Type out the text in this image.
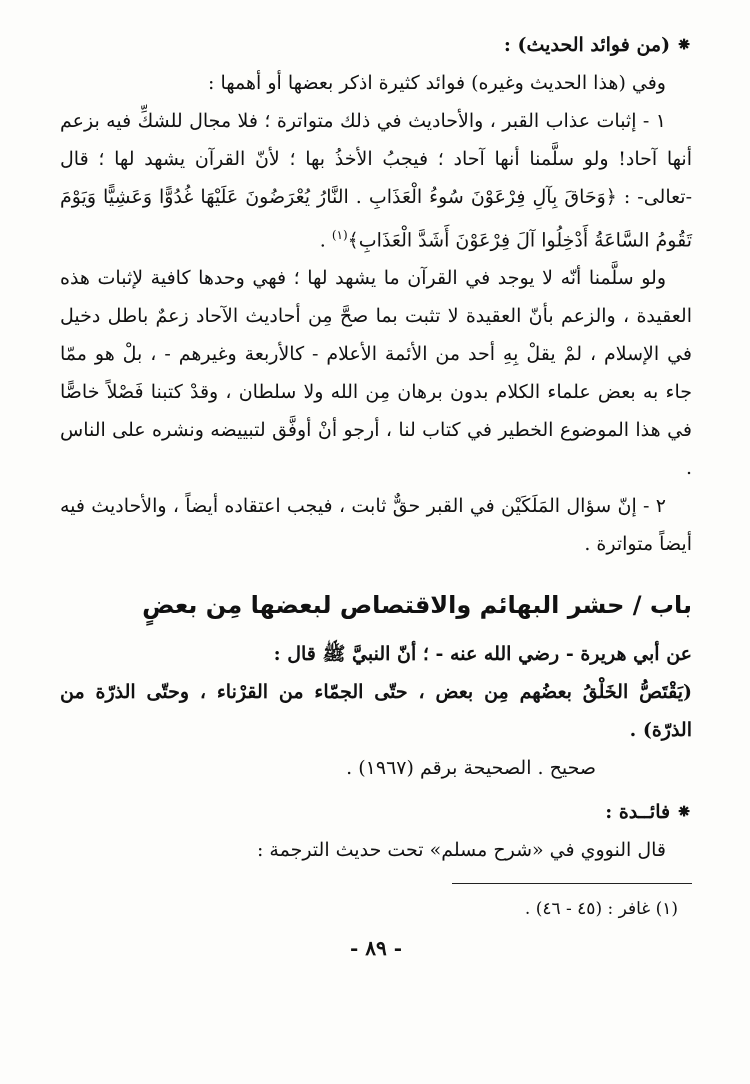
⁕(من فوائد الحديث) :

وفي (هذا الحديث وغيره) فوائد كثيرة اذكر بعضها أو أهمها :

١ - إثبات عذاب القبر ، والأحاديث في ذلك متواترة ؛ فلا مجال للشكِّ فيه بزعم أنها آحاد! ولو سلَّمنا أنها آحاد ؛ فيجبُ الأخذُ بها ؛ لأنّ القرآن يشهد لها ؛ قال -تعالى- : ﴿وَحَاقَ بِآلِ فِرْعَوْنَ سُوءُ الْعَذَابِ . النَّارُ يُعْرَضُونَ عَلَيْهَا غُدُوًّا وَعَشِيًّا وَيَوْمَ تَقُومُ السَّاعَةُ أَدْخِلُوا آلَ فِرْعَوْنَ أَشَدَّ الْعَذَابِ﴾$^{(١)}$ .

ولو سلَّمنا أنّه لا يوجد في القرآن ما يشهد لها ؛ فهي وحدها كافية لإثبات هذه العقيدة ، والزعم بأنّ العقيدة لا تثبت بما صحَّ مِن أحاديث الآحاد زعمٌ باطل دخيل في الإسلام ، لمْ يقلْ بِهِ أحد من الأئمة الأعلام - كالأربعة وغيرهم - ، بلْ هو ممّا جاء به بعض علماء الكلام بدون برهان مِن الله ولا سلطان ، وقدْ كتبنا فَصْلاً خاصًّا في هذا الموضوع الخطير في كتاب لنا ، أرجو أنْ أوفَّق لتبييضه ونشره على الناس .

٢ - إنّ سؤال المَلَكَيْن في القبر حقٌّ ثابت ، فيجب اعتقاده أيضاً ، والأحاديث فيه أيضاً متواترة .

باب / حشر البهائم والاقتصاص لبعضها مِن بعضٍ

عن أبي هريرة - رضي الله عنه - ؛ أنّ النبيَّ ﷺ قال :

(يَقْتَصُّ الخَلْقُ بعضُهم مِن بعض ، حتّى الجمّاء من القرْناء ، وحتّى الذرّة من الذرّة) .

صحيح . الصحيحة برقم (١٩٦٧) .

⁕فائــدة :

قال النووي في «شرح مسلم» تحت حديث الترجمة :

(١) غافر : (٤٥ - ٤٦) .

- ٨٩ -
